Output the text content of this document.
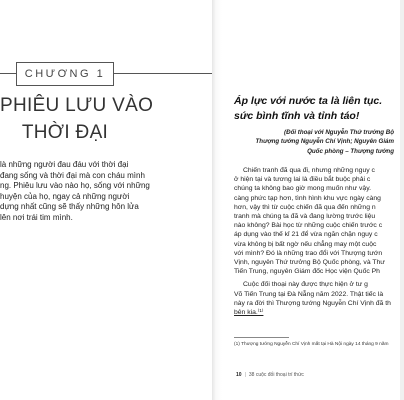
CHƯƠNG 1
PHIÊU LƯU VÀO
THỜI ĐẠI
là những người đau đáu với thời đại
đang sống và thời đại mà con cháu mình
ng. Phiêu lưu vào nào họ, sống với những
huyện của họ, ngay cả những người
dựng nhất cũng sẽ thấy những hôn lửa
lên nơi trái tim mình.
Áp lực với nước ta là liên tục.
sức bình tĩnh và tỉnh táo!
(Đối thoại với Nguyễn Thứ trưởng Bộ
Thượng tướng Nguyễn Chí Vịnh; Nguyên Giám
Quốc phòng – Thượng tướng
Chiến tranh đã qua đi, nhưng những nguy c
ở hiện tại và tương lai là điều bắt buộc phải c
chúng ta không bao giờ mong muốn như vậy.
càng phức tạp hơn, tình hình khu vực ngày càng
hơn, vậy thì từ cuộc chiến đã qua đến những n
tranh mà chúng ta đã và đang lường trước liệu
nào không? Bài học từ những cuộc chiến trước c
áp dụng vào thế kỉ 21 để vừa ngăn chặn nguy c
vừa không bị bất ngờ nếu chẳng may một cuộc
với mình? Đó là những trao đổi với Thượng tướn
Vịnh, nguyên Thứ trưởng Bộ Quốc phòng, và Thư
Tiến Trung, nguyên Giám đốc Học viện Quốc Ph
Cuộc đối thoại này được thực hiện ở tư g
Võ Tiến Trung tại Đà Nẵng năm 2022. Thật tiếc là
này ra đời thì Thượng tướng Nguyễn Chí Vịnh đã th
bên kia.⁽¹⁾
(1) Thượng tướng Nguyễn Chí Vịnh mất tại Hà Nội ngày 14 tháng 9 năm
10 | 38 cuộc đối thoại trí thức
